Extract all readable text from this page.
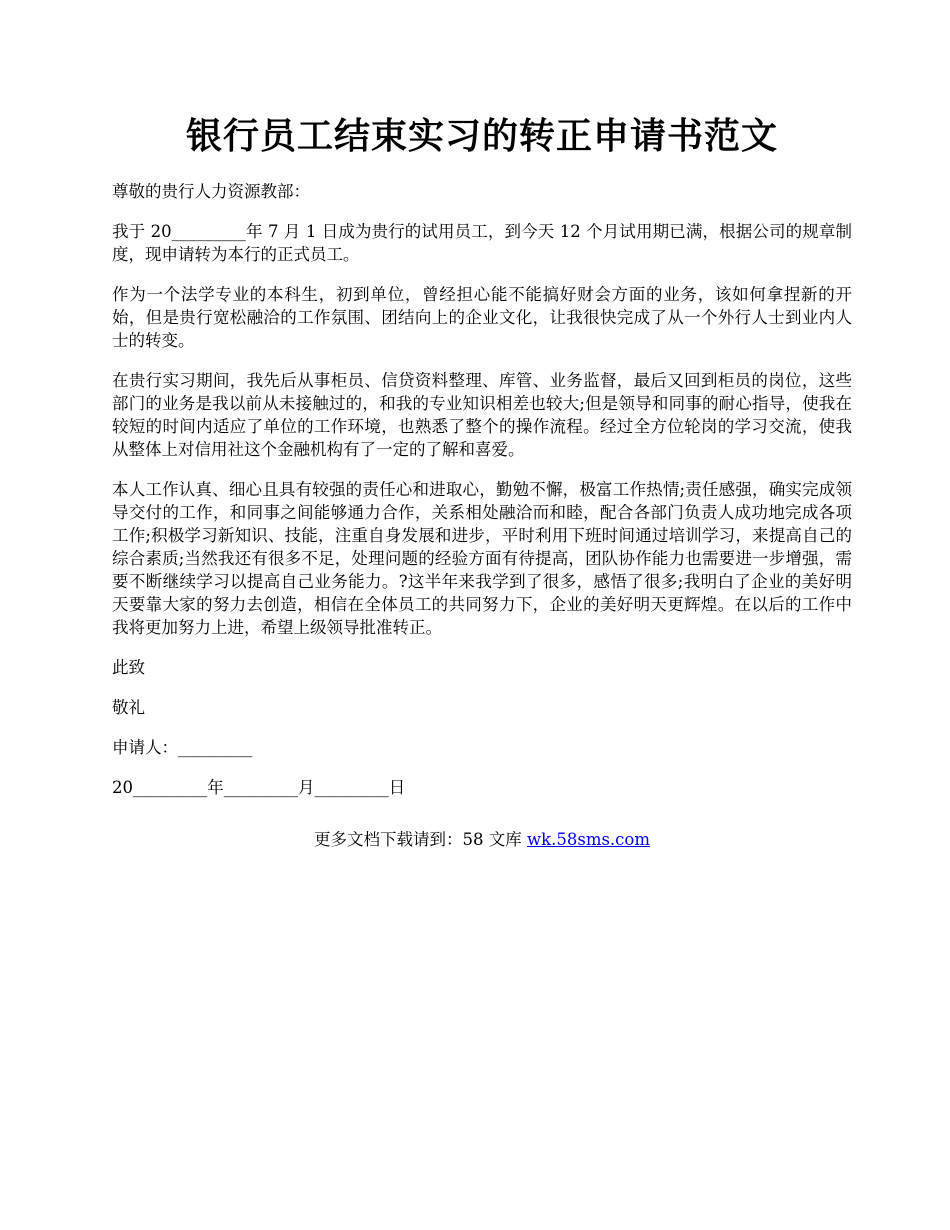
银行员工结束实习的转正申请书范文

尊敬的贵行人力资源教部：

我于 20_________年 7 月 1 日成为贵行的试用员工，到今天 12 个月试用期已满，根据公司的规章制度，现申请转为本行的正式员工。

作为一个法学专业的本科生，初到单位，曾经担心能不能搞好财会方面的业务，该如何拿捏新的开始，但是贵行宽松融洽的工作氛围、团结向上的企业文化，让我很快完成了从一个外行人士到业内人士的转变。

在贵行实习期间，我先后从事柜员、信贷资料整理、库管、业务监督，最后又回到柜员的岗位，这些部门的业务是我以前从未接触过的，和我的专业知识相差也较大;但是领导和同事的耐心指导，使我在较短的时间内适应了单位的工作环境，也熟悉了整个的操作流程。经过全方位轮岗的学习交流，使我从整体上对信用社这个金融机构有了一定的了解和喜爱。

本人工作认真、细心且具有较强的责任心和进取心，勤勉不懈，极富工作热情;责任感强，确实完成领导交付的工作，和同事之间能够通力合作，关系相处融洽而和睦，配合各部门负责人成功地完成各项工作;积极学习新知识、技能，注重自身发展和进步，平时利用下班时间通过培训学习，来提高自己的综合素质;当然我还有很多不足，处理问题的经验方面有待提高，团队协作能力也需要进一步增强，需要不断继续学习以提高自己业务能力。?这半年来我学到了很多，感悟了很多;我明白了企业的美好明天要靠大家的努力去创造，相信在全体员工的共同努力下，企业的美好明天更辉煌。在以后的工作中我将更加努力上进，希望上级领导批准转正。

此致

敬礼

申请人：_________

20_________年_________月_________日

更多文档下载请到：58 文库 wk.58sms.com
